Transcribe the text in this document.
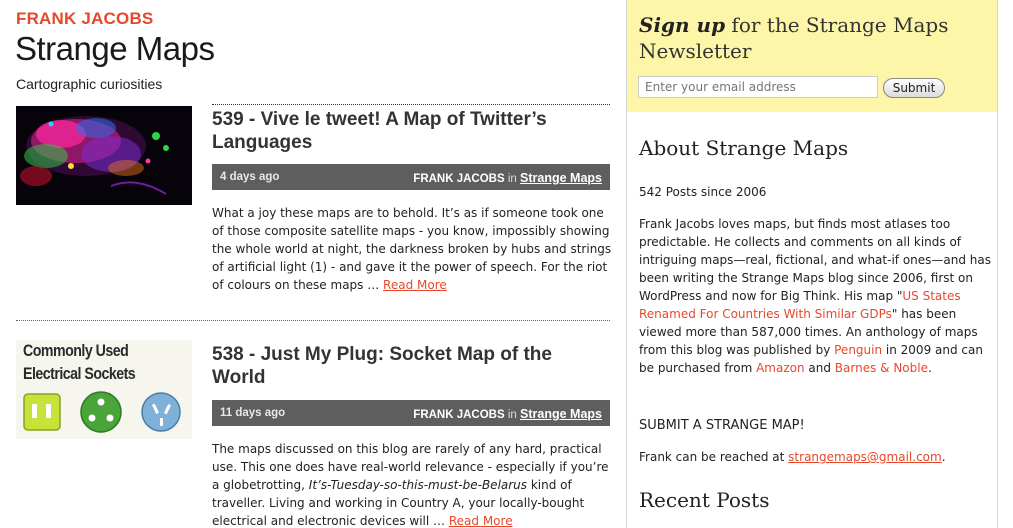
FRANK JACOBS
Strange Maps
Cartographic curiosities
539 - Vive le tweet! A Map of Twitter’s Languages
4 days ago	FRANK JACOBS in Strange Maps
What a joy these maps are to behold. It’s as if someone took one of those composite satellite maps - you know, impossibly showing the whole world at night, the darkness broken by hubs and strings of artificial light (1) - and gave it the power of speech. For the riot of colours on these maps … Read More
Commonly Used
Electrical Sockets
538 - Just My Plug: Socket Map of the World
11 days ago	FRANK JACOBS in Strange Maps
The maps discussed on this blog are rarely of any hard, practical use. This one does have real-world relevance - especially if you’re a globetrotting, It’s-Tuesday-so-this-must-be-Belarus kind of traveller. Living and working in Country A, your locally-bought electrical and electronic devices will … Read More
Sign up for the Strange Maps Newsletter
Enter your email address
Submit
About Strange Maps
542 Posts since 2006
Frank Jacobs loves maps, but finds most atlases too predictable. He collects and comments on all kinds of intriguing maps—real, fictional, and what-if ones—and has been writing the Strange Maps blog since 2006, first on WordPress and now for Big Think. His map "US States Renamed For Countries With Similar GDPs" has been viewed more than 587,000 times. An anthology of maps from this blog was published by Penguin in 2009 and can be purchased from Amazon and Barnes & Noble.
SUBMIT A STRANGE MAP!
Frank can be reached at strangemaps@gmail.com.
Recent Posts
